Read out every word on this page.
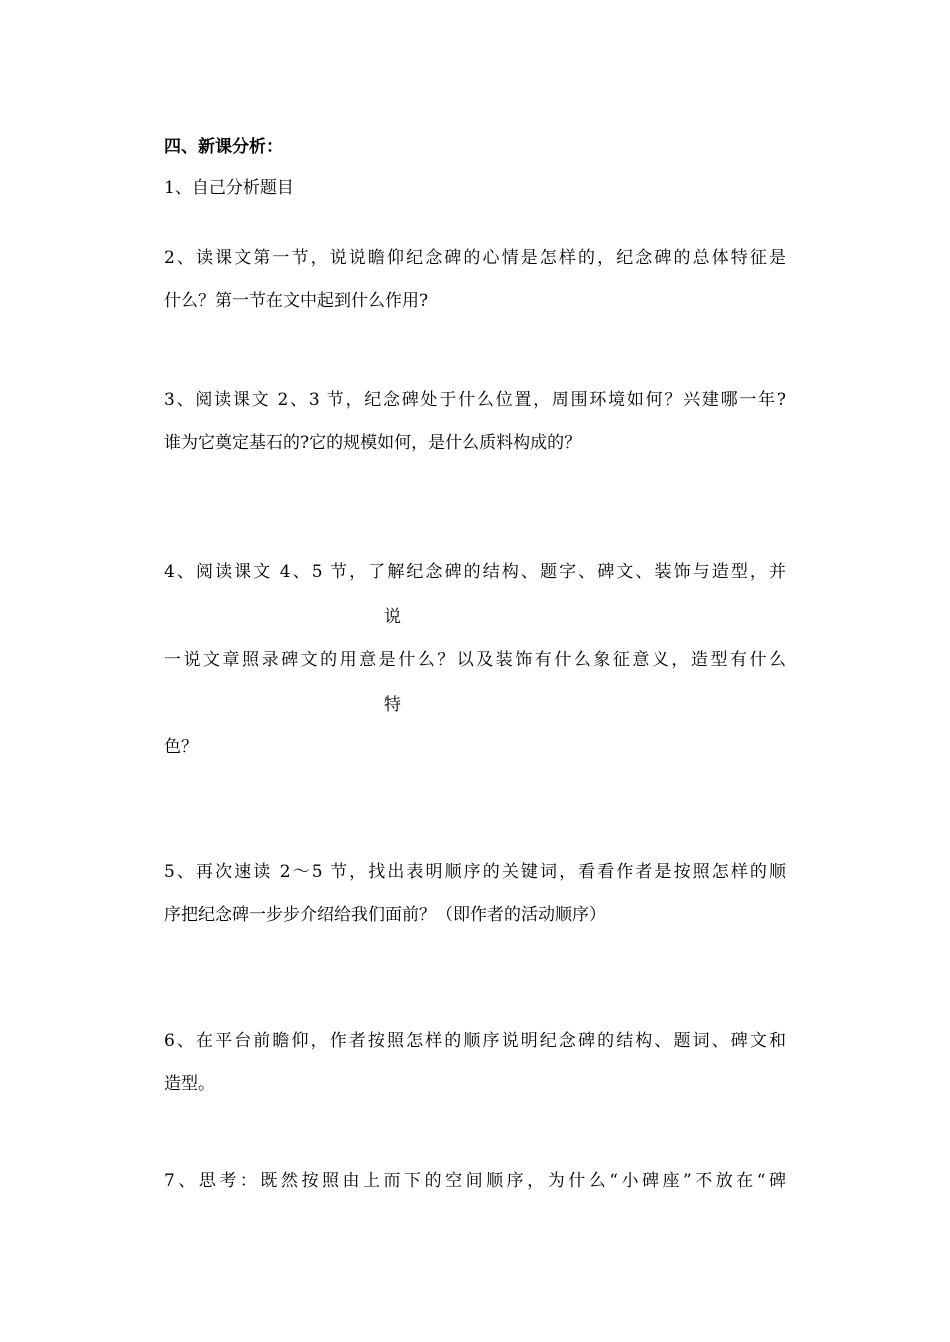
四、新课分析：
1、自己分析题目
2、读课文第一节，说说瞻仰纪念碑的心情是怎样的，纪念碑的总体特征是
什么？第一节在文中起到什么作用?
3、阅读课文 2、3 节，纪念碑处于什么位置，周围环境如何？兴建哪一年?
谁为它奠定基石的?它的规模如何，是什么质料构成的？
4、阅读课文 4、5 节，了解纪念碑的结构、题字、碑文、装饰与造型，并
说
一说文章照录碑文的用意是什么？以及装饰有什么象征意义，造型有什么
特
色？
5、再次速读 2～5 节，找出表明顺序的关键词，看看作者是按照怎样的顺
序把纪念碑一步步介绍给我们面前？（即作者的活动顺序）
6、在平台前瞻仰，作者按照怎样的顺序说明纪念碑的结构、题词、碑文和
造型。
7、思考：既然按照由上而下的空间顺序，为什么“小碑座”不放在“碑
